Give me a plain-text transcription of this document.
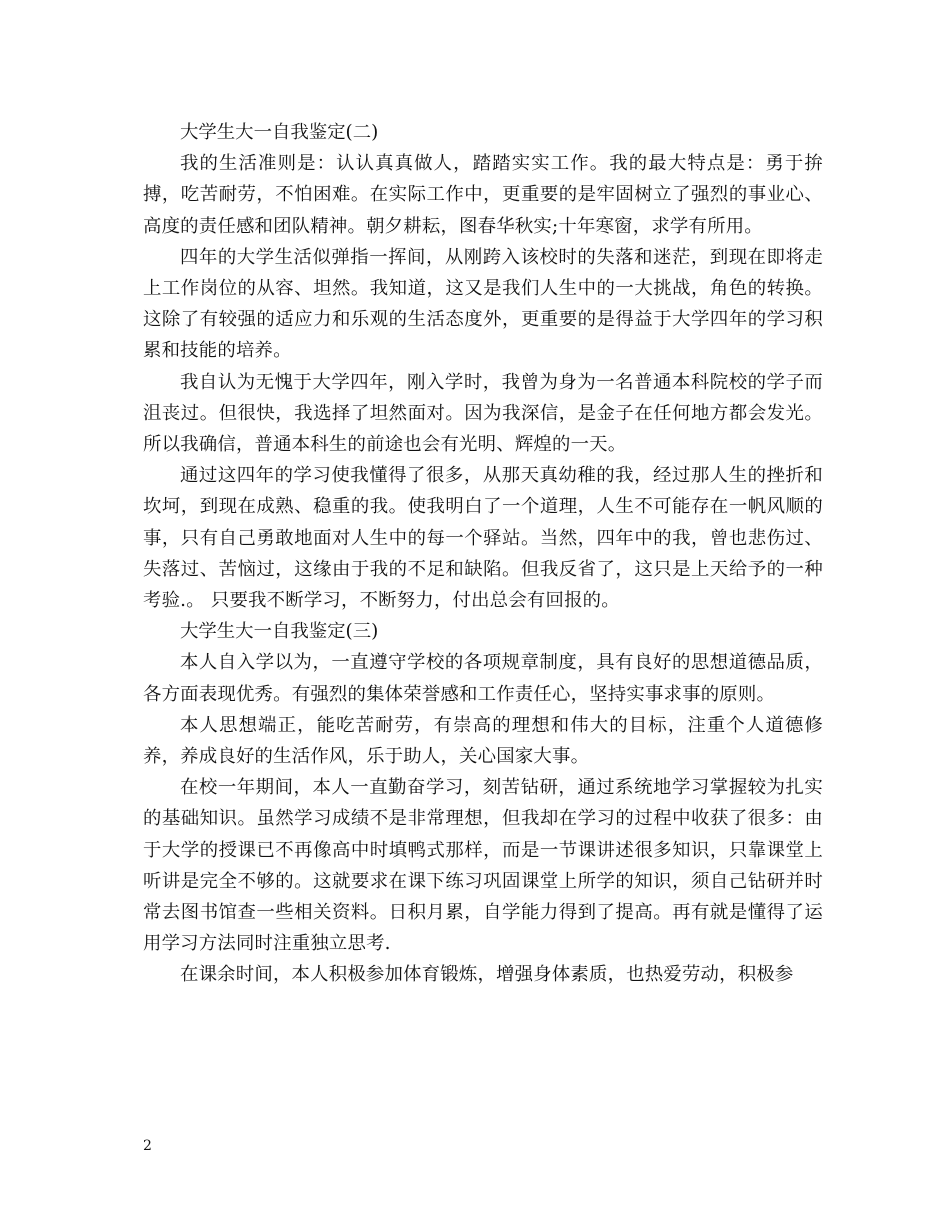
大学生大一自我鉴定(二)

我的生活准则是：认认真真做人，踏踏实实工作。我的最大特点是：勇于拚搏，吃苦耐劳，不怕困难。在实际工作中，更重要的是牢固树立了强烈的事业心、高度的责任感和团队精神。朝夕耕耘，图春华秋实;十年寒窗，求学有所用。

四年的大学生活似弹指一挥间，从刚跨入该校时的失落和迷茫，到现在即将走上工作岗位的从容、坦然。我知道，这又是我们人生中的一大挑战，角色的转换。这除了有较强的适应力和乐观的生活态度外，更重要的是得益于大学四年的学习积累和技能的培养。

我自认为无愧于大学四年，刚入学时，我曾为身为一名普通本科院校的学子而沮丧过。但很快，我选择了坦然面对。因为我深信，是金子在任何地方都会发光。所以我确信，普通本科生的前途也会有光明、辉煌的一天。

通过这四年的学习使我懂得了很多，从那天真幼稚的我，经过那人生的挫折和坎坷，到现在成熟、稳重的我。使我明白了一个道理，人生不可能存在一帆风顺的事，只有自己勇敢地面对人生中的每一个驿站。当然，四年中的我，曾也悲伤过、失落过、苦恼过，这缘由于我的不足和缺陷。但我反省了，这只是上天给予的一种考验.。 只要我不断学习，不断努力，付出总会有回报的。

大学生大一自我鉴定(三)

本人自入学以为，一直遵守学校的各项规章制度，具有良好的思想道德品质，各方面表现优秀。有强烈的集体荣誉感和工作责任心，坚持实事求事的原则。

本人思想端正，能吃苦耐劳，有崇高的理想和伟大的目标，注重个人道德修养，养成良好的生活作风，乐于助人，关心国家大事。

在校一年期间，本人一直勤奋学习，刻苦钻研，通过系统地学习掌握较为扎实的基础知识。虽然学习成绩不是非常理想，但我却在学习的过程中收获了很多：由于大学的授课已不再像高中时填鸭式那样，而是一节课讲述很多知识，只靠课堂上听讲是完全不够的。这就要求在课下练习巩固课堂上所学的知识，须自己钻研并时常去图书馆查一些相关资料。日积月累，自学能力得到了提高。再有就是懂得了运用学习方法同时注重独立思考.

在课余时间，本人积极参加体育锻炼，增强身体素质，也热爱劳动，积极参

2
